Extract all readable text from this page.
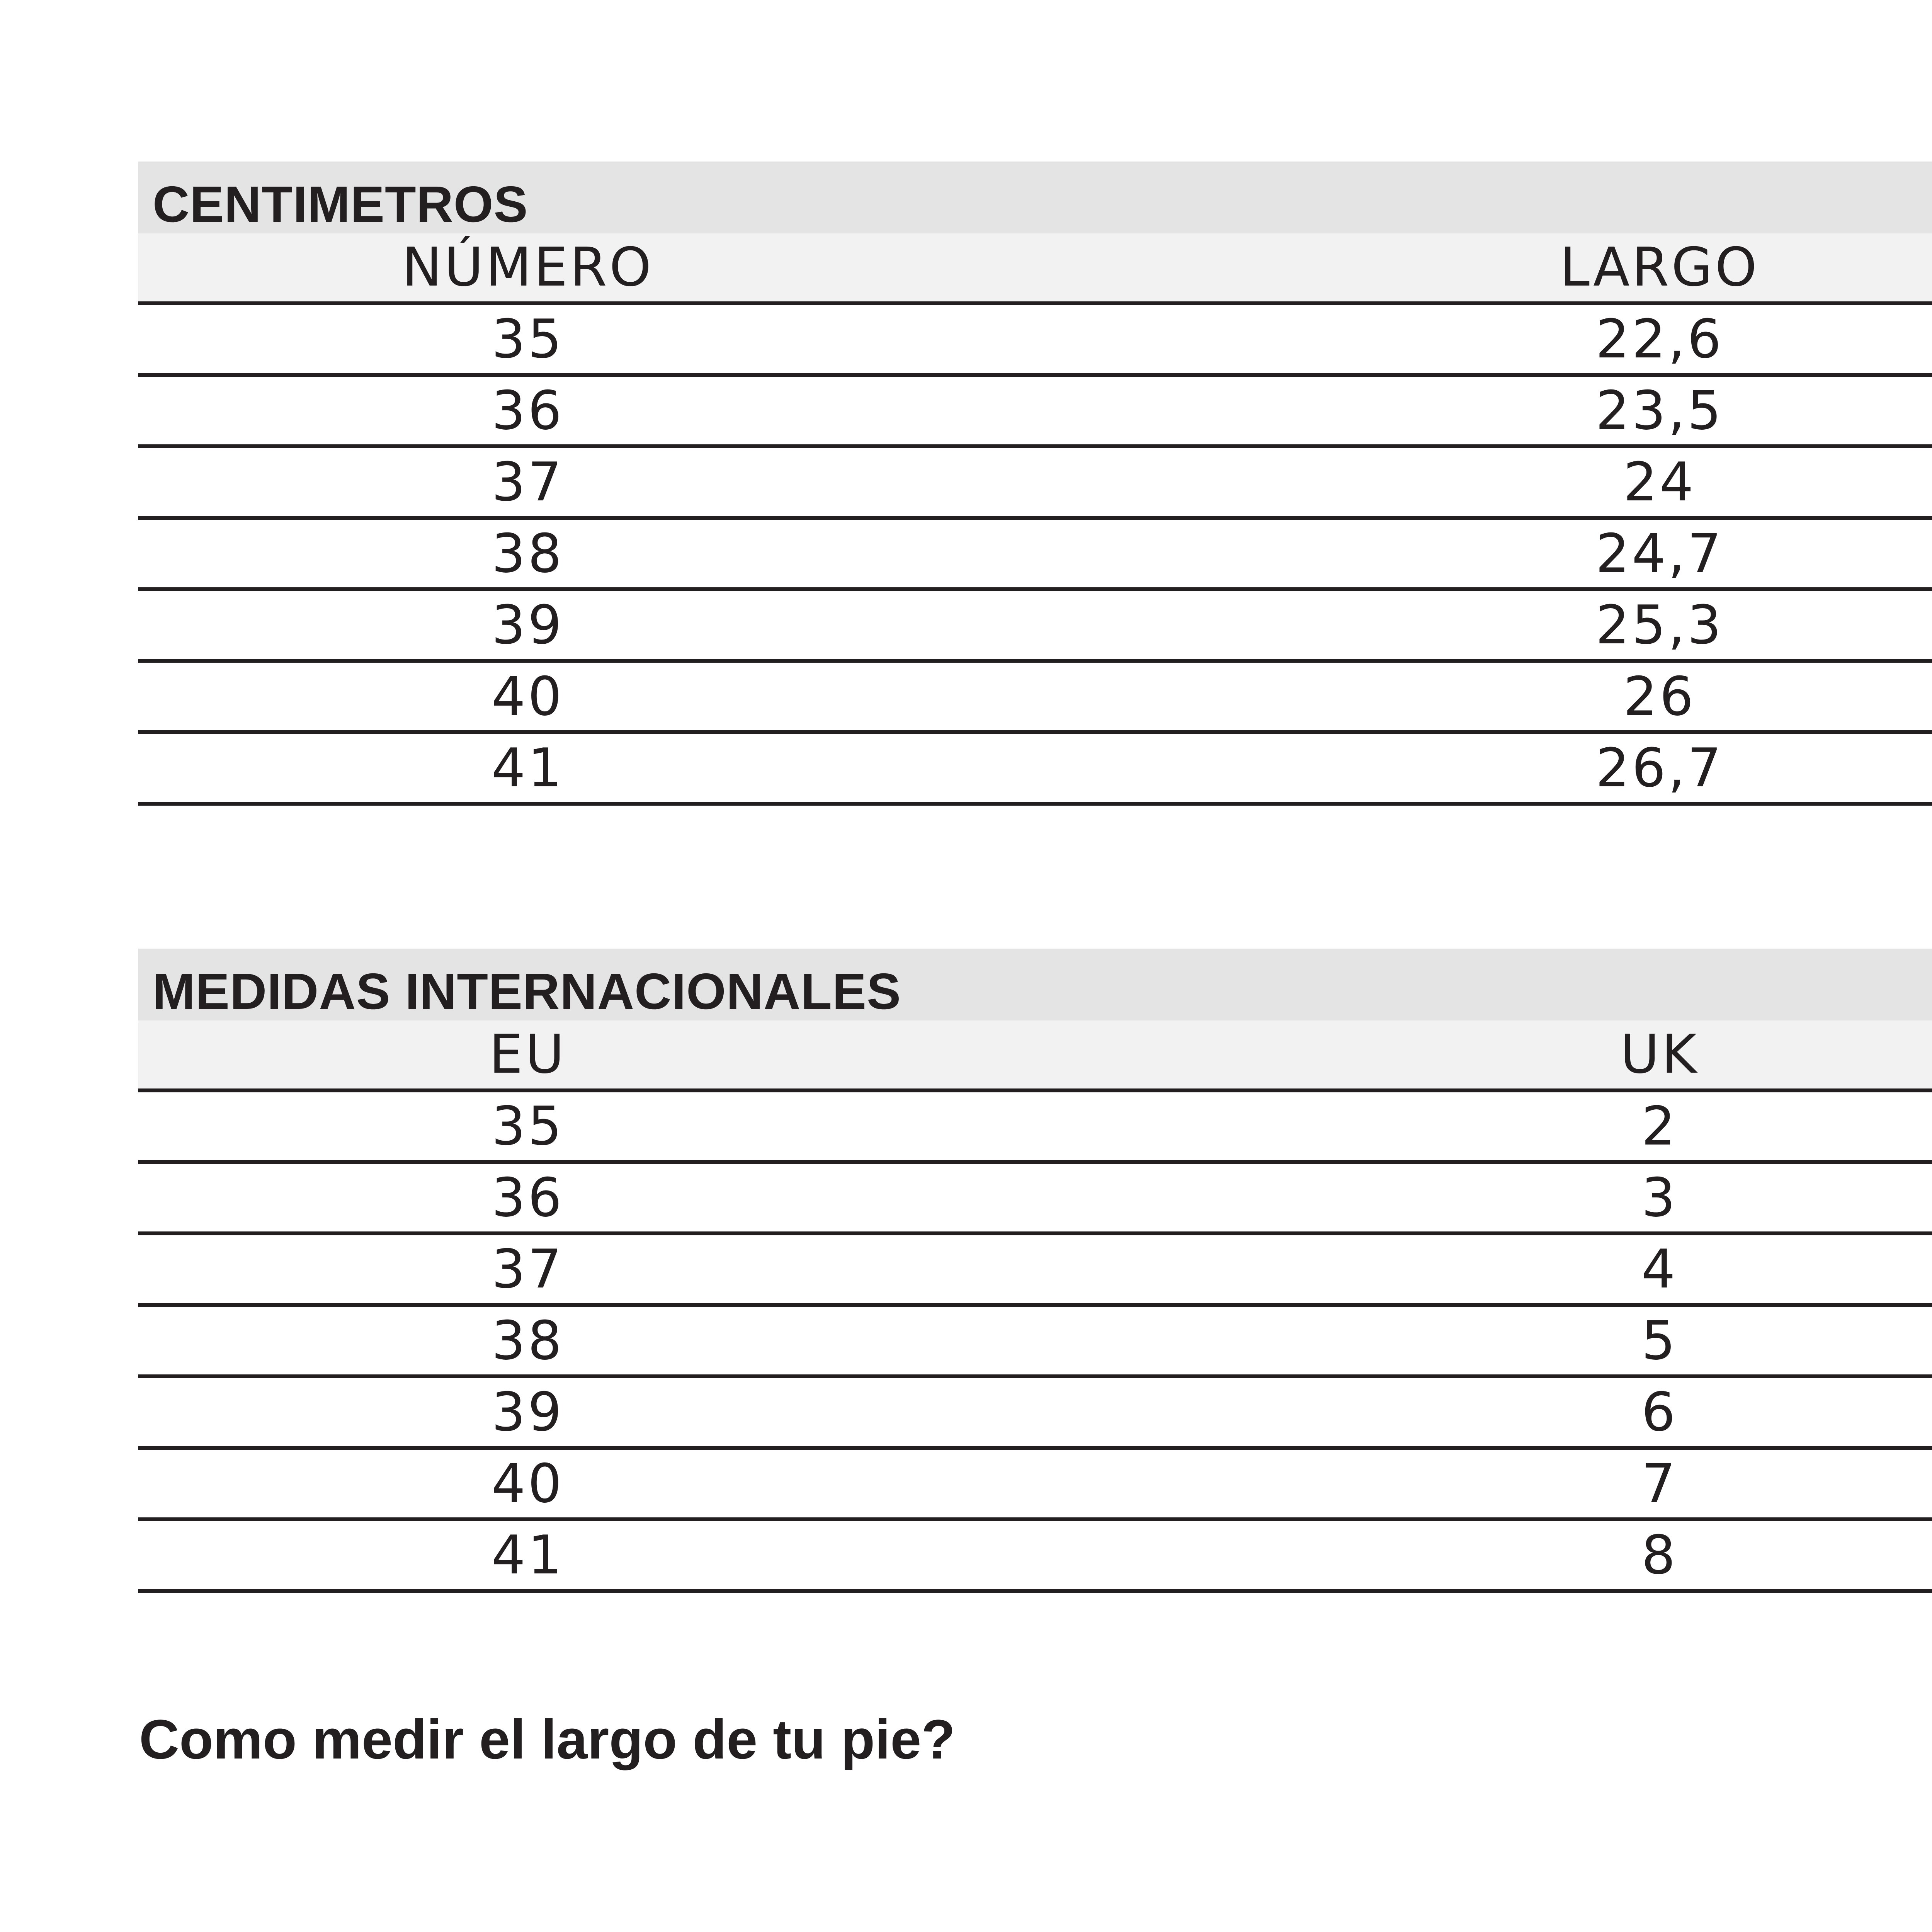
CENTIMETROS
NÚMERO	LARGO
35	22,6
36	23,5
37	24
38	24,7
39	25,3
40	26
41	26,7
MEDIDAS INTERNACIONALES
EU	UK
35	2
36	3
37	4
38	5
39	6
40	7
41	8
Como medir el largo de tu pie?
